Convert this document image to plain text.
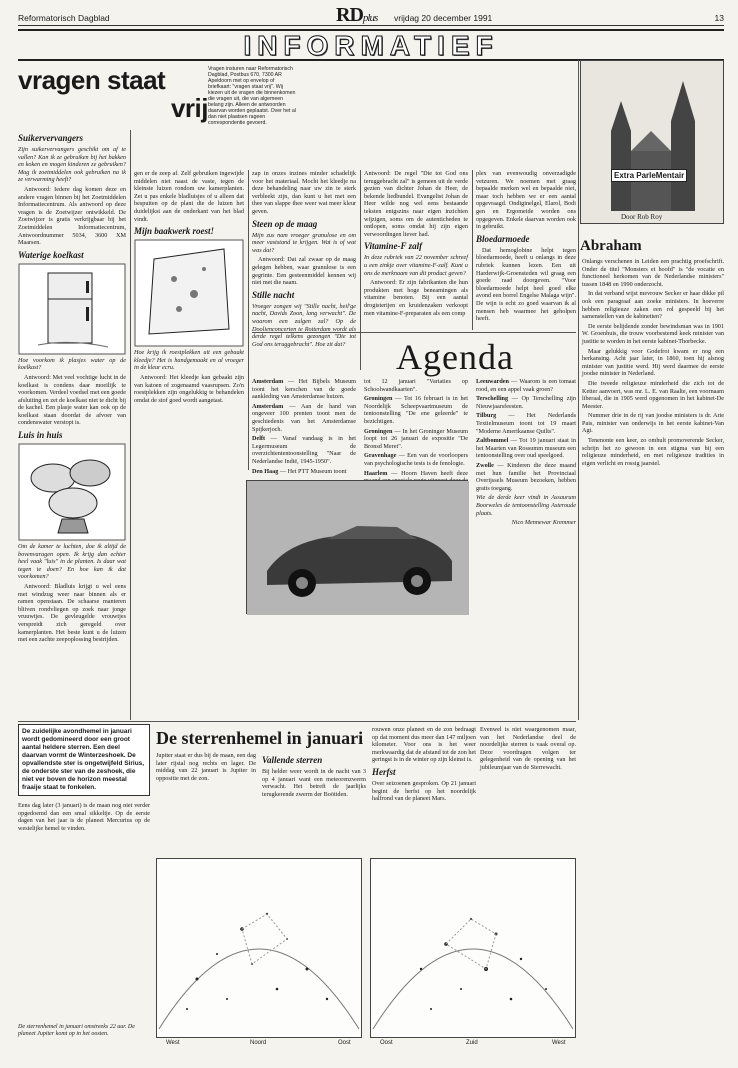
Reformatorisch Dagblad	RDplus vrijdag 20 december 1991	13
INFORMATIEF
vragen staat
vrij
Vragen insturen naar Reformatorisch Dagblad, Postbus 670, 7300 AR Apeldoorn met op envelop of briefkaart: "vragen staat vrij". Wij kiezen uit de vragen die binnenkomen die vragen uit, die van algemeen belang zijn. Alleen de antwoorden daarvan worden geplaatst. Over het al dan niet plaatsen rageen correspondentie gevoerd.
Suikervervangers

Zijn suikervervangers geschikt om af te vallen? Kan ik ze gebruiken bij het bakken en koken en mogen kinderen ze gebruiken? Mag ik zoetmiddelen ook gebruiken na ik ze verwarming heeft?

Antwoord: Iedere dag komen deze en andere vragen binnen bij het Zoetmiddelen Informatiecentrum. Als antwoord op deze vragen is de Zoetwijzer ontwikkeld. De Zoetwijzer is gratis verkrijgbaar bij het Zoetmiddelen Informatiecentrum, Antwoordnummer 5034, 3600 XM Maarsen.

Waterige koelkast

Hoe voorkom ik plasjes water op de koelkast?

Antwoord: Met veel vochtige lucht in de koelkast is condens daar moeilijk te voorkomen. Verdeel voedsel met een goede afsluiting en zet de koelkast niet te dicht bij de kachel. Een plasje water kan ook op de koelkast staan doordat de afvoer van condenswater verstopt is.

Luis in huis

Om de kamer te luchten, doe ik altijd de bovenvaragen open. Ik krijg dan echter heel vaak "luis" in de planten. Is daar wat tegen te doen? En hoe kan ik dat voorkomen?

Antwoord: Bladluis krijgt u wel eens met windzug weer naar binnen als er ramen openstaan. De schaarse manteren bliiven rondvliegen op zoek naar jonge vruuwtjes. De gevleugelde vrouwtjes verspreidt zich geregeld over kamerplanten. Het beste kunt u de luizen met een zachte zeepoplossing bestrijden.

gen er de zeep af. Zelf gebruiken ingewijde middelen niet naast de vaste, tegen de kleinste luizen rondom uw kamerplanten. Zet u pas enkele bladluisjes of u alleen dat bespuiten op de plant die de luizen het duidelijkst aan de onderkant van het blad vindt.

Mijn baakwerk roest!

Hoe krijg ik roestplekken uit een gebaakt kleedje? Het is handgemaakt en al vroeger in de kleur ecru.

Antwoord: Het kleedje kan gebaakt zijn van katoen of zogenaamd vaasrupsen. Zo'n roestplekken zijn ongelukkig te behandelen omdat de stof goed wordt aangetast.

zap in onzes inzines minder schadelijk voor het materiaal. Mocht het kleedje na deze behandeling naar uw zin te sterk verbleekt zijn, dan kunt u het met een thee van slappe thee weer wat meer kleur geven.

Steen op de maag

Mijn zus nam vroeger granulose en om meer vaststand te krijgen. Wat is of wat was dat?

Antwoord: Dat zal zwaar op de maag gelegen hebben, waar granulose is een gegrinte. Een gesteenmiddel kennen wij niet met die naam.

Stille nacht

Vroeger zongen wij "Stille nacht, heil'ge nacht, Davids Zoon, lang verwacht". De waarom een zulgen zal? Op de Doolienconcerten te Rotterdam wordt als derde regel telkens gezongen "Die tot God ons teruggebracht". Hoe zit dat?

Antwoord: De regel "Die tot God ons teruggebracht zal" is gemeen uit de verde gezien van dichter Johan de Heer, de bekende liedbundel. Evangelist Johan de Heer wilde nog wel eens bestaande teksten enigszins naar eigen inzichten wijzigen, soms om de autenticheden te ontlopen, soms omdat hij zijn eigen verwoordingen liever had.

Vitamine-F zalf

In deze rubriek van 22 november schreef u een zinkje over vitamine-F-zalf. Kunt u ons de merknaam van dit product geven?

Antwoord: Er zijn fabrikanten die hun produkten met hoge beneamingen als vitamine benoten. Bij een aantal drogisterijen en kruidenzaken verkoopt men vitamine-F-preparaten als een comp

plex van evenwoudig onverzadigde vetzuren. We noemen met graag bepaalde merken wel en bepaalde niet, maar toch hebben we er een aantal opgevraagd. Ondiginelgel, Elarol, Bodi gen en Ergomeide worden ons opgegeven. Enkele daarvan worden ook in gebruikt.

Bloedarmoede

Dat hemoglobine helpt tegen bloedarmoede, heeft u onlangs in deze rubriek kunnen lezen. Een uit Harderwijk-Groensteden wil graag een goede raad doorgeven. "Voor bloedarmoede helpt heel goed elke avond een borrel Engelse Malaga wijn". De wijn is echt zo goed waarvan ik al mensen heb waarmee het geholpen heeft.

Agenda

Amsterdam — Het Bijbels Museum toont het kerschen van de goede aankleding van Amsterdamse huizen.

Amsterdam — Aan de hand van ongeveer 100 prenten toont men de geschiedenis van het Amsterdamse Spijkerjoch.

Delft — Vanaf vandaag is in het Legermuseum de overzichtententoonstelling "Naar de Nederlandse Indië, 1945-1950".

Den Haag — Het PTT Museum toont

tot 12 januari "Variaties op Schoolwandkaarten".

Groningen — Tot 16 februari is in het Noordelijk Scheepvaartmuseum de tentoonstelling "De ene geleerde" te bezichtigen.

Groningen — In het Groninger Museum loopt tot 26 januari de expositie "De Bronsd Meret".

Gravenhage — Een van de voorloopers van psychologische tests is de fenologie.

Haarlem — Hoorn Haven heeft deze

Leeuwarden — Waarom is een tomaat rood, en een appel vaak groen?

Terschelling — Op Terschelling zijn Nieuwjaarsfeesten.

Tilburg — Het Nederlands Textielmuseum toont tot 19 maart "Moderne Amerikaanse Quilts".

Zaltbommel — Tot 19 januari staat in het Maarten van Rossumm museum een tentoonstelling over oud speelgoed.

Zwolle — Kinderen die deze maand met hun familie het Provinciaal Overijssels Museum bezoeken, hebben gratis toegang.

Wie de derde keer vindt in Assaurum Boorweles de tentoonstelling Asteroude plaats.

Nico Mennewar Kremmer

Extra ParleMentair
Door Rob Roy
Abraham

Onlangs verschenen in Leiden een prachtig proefschrift. Onder de titel "Monsters et hoofd" is "de vocatie en functioneel herkomen van de Nederlandse ministers" tussen 1848 en 1990 onderzocht.

In dat verband wijst mevrouw Secker er haar dikke pil ook een paragraaf aan zoeke ministers. In hoeverre hebben religieuze zaken een rol gespeeld bij het samenstellen van de kabinetten?

De eerste belijdende zonder bewindsman was in 1901 W. Groenhuis, die trouw voorbestemd keek minister van justitie te worden in het eerste kabinet-Thorbecke.

Maar gelukkig voor Godefroi kwam er nog een herkansing. Acht jaar later, in 1860, toen hij alsnog minister van justitie werd. Hij werd daarmee de eerste joodse minister in Nederland.

Die tweede religieuze minderheid die zich tot de Ketter aanvoert, was mr. L. E. van Raalte, een voornaam liberaal, die in 1905 werd opgenomen in het kabinet-De Meester.

Nummer drie in de rij van joodse ministers is dr. Arie Pais, minister van onderwijs in het eerste kabinet-Van Agt.

Tenenonte een keer, zo omhult promoverende Secker, schrijn het zo gewoon in een stigma van bij een religieuze minderheid, en met religieuze tradities in eigen verlicht en rossig jaarstel.

De zuidelijke avondhemel in januari wordt gedomineerd door een groot aantal heldere sterren. Een deel daarvan vormt de Winterzeshoek. De opvallendste ster is ongetwijfeld Sirius, de onderste ster van de zeshoek, die niet ver boven de horizon meestal fraaije staat te fonkelen.
De sterrenhemel in januari

Eens dag later (3 januari) is de maan nog niet verder opgedoemd dan een smal sikkeltje. Op de eerste dagen van het jaar is de planeet Mercurius op de westelijke hemel te vinden.

Jupiter staat er dus bij de maan, een dag later rijstal nog rechts en lager. De middag van 22 januari is Jupiter in oppositie met de zon.

Vallende sterren

Bij helder weer wordt in de nacht van 3 op 4 januari want een meteorenzwerm verwacht. Het betreft de jaarlijks terugkerende zwerm der Boötiden.

rouwen onze planeet en de zon bedraagt op dat moment dus meer dan 147 miljoen kilometer. Voor ons is het weer merkwaardig dat de afstand tot de zon het geringst is in de winter op zijn kleinst is.

Herfst

Over seizoenen gesproken. Op 21 januari begint de herfst op het noordelijk halfrond van de planeet Mars.

Evenwel is niet waargenomen maar, van het Nederlandse deel de noordelijke sterren is vaak overal op. Deze voordragen volgen ter gelegenheid van de opening van het jubileumjaar van de Sterrewacht.

West	Noord	Oost	Oost	Zuid	West
De sterrenhemel in januari omstreeks 22 uur. De planeet Jupiter komt op in het oosten.
